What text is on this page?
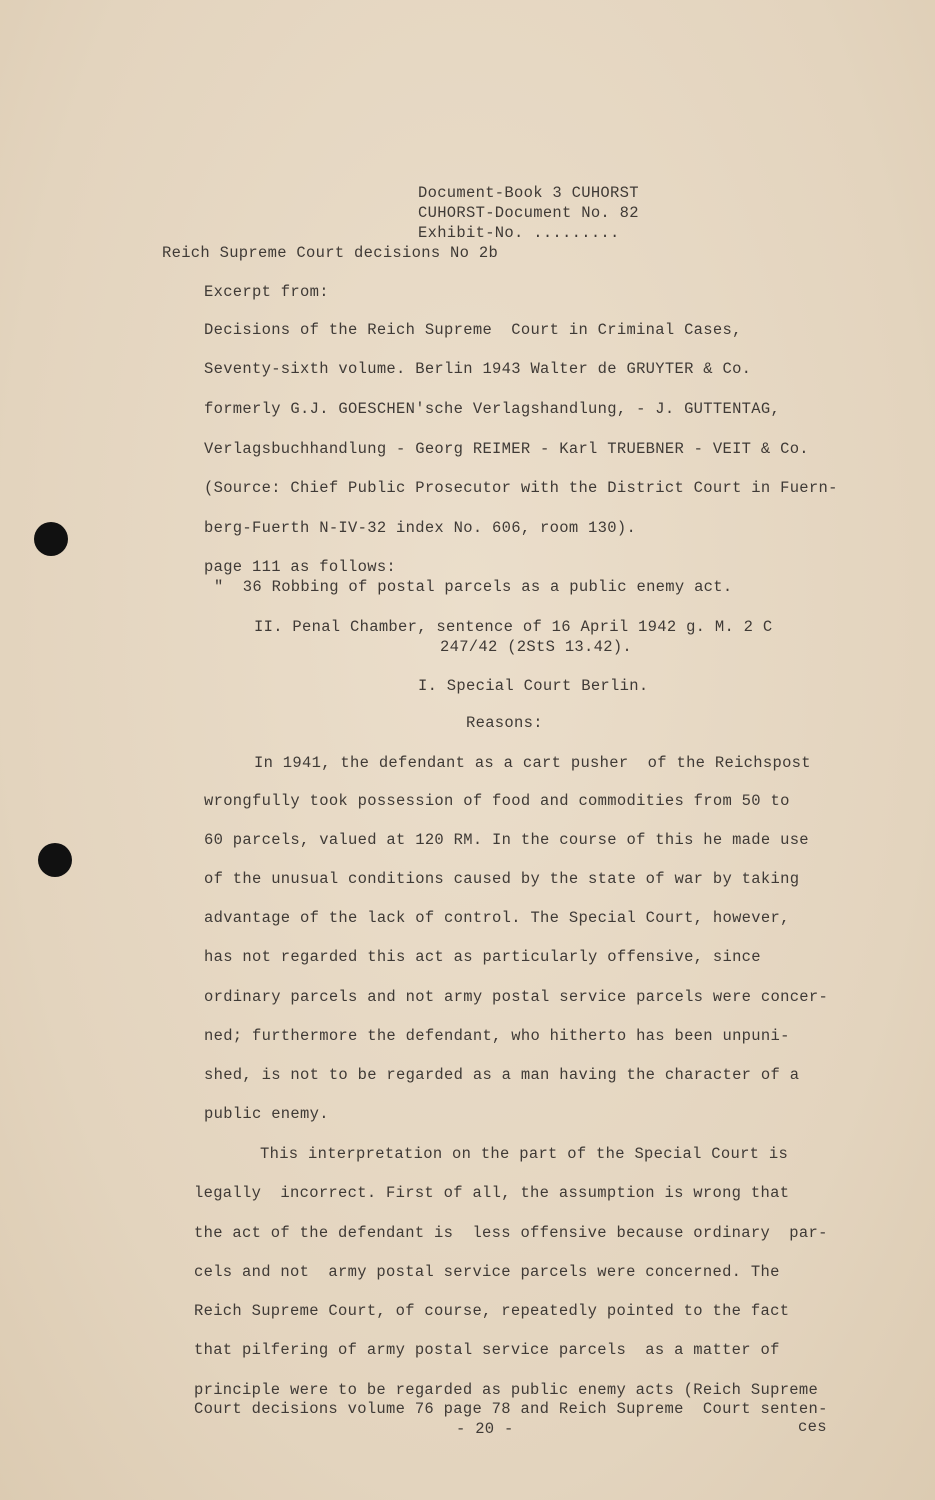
Document-Book 3 CUHORST
CUHORST-Document No. 82
Exhibit-No. .........
Reich Supreme Court decisions No 2b
Excerpt from:
Decisions of the Reich Supreme  Court in Criminal Cases,
Seventy-sixth volume. Berlin 1943 Walter de GRUYTER & Co.
formerly G.J. GOESCHEN'sche Verlagshandlung, - J. GUTTENTAG,
Verlagsbuchhandlung - Georg REIMER - Karl TRUEBNER - VEIT & Co.
(Source: Chief Public Prosecutor with the District Court in Fuern-
berg-Fuerth N-IV-32 index No. 606, room 130).
page 111 as follows:
"  36 Robbing of postal parcels as a public enemy act.
II. Penal Chamber, sentence of 16 April 1942 g. M. 2 C
247/42 (2StS 13.42).
I. Special Court Berlin.
Reasons:
In 1941, the defendant as a cart pusher  of the Reichspost
wrongfully took possession of food and commodities from 50 to
60 parcels, valued at 120 RM. In the course of this he made use
of the unusual conditions caused by the state of war by taking
advantage of the lack of control. The Special Court, however,
has not regarded this act as particularly offensive, since
ordinary parcels and not army postal service parcels were concer-
ned; furthermore the defendant, who hitherto has been unpuni-
shed, is not to be regarded as a man having the character of a
public enemy.
This interpretation on the part of the Special Court is
legally  incorrect. First of all, the assumption is wrong that
the act of the defendant is  less offensive because ordinary  par-
cels and not  army postal service parcels were concerned. The
Reich Supreme Court, of course, repeatedly pointed to the fact
that pilfering of army postal service parcels  as a matter of
principle were to be regarded as public enemy acts (Reich Supreme
Court decisions volume 76 page 78 and Reich Supreme  Court senten-
- 20 -	ces
